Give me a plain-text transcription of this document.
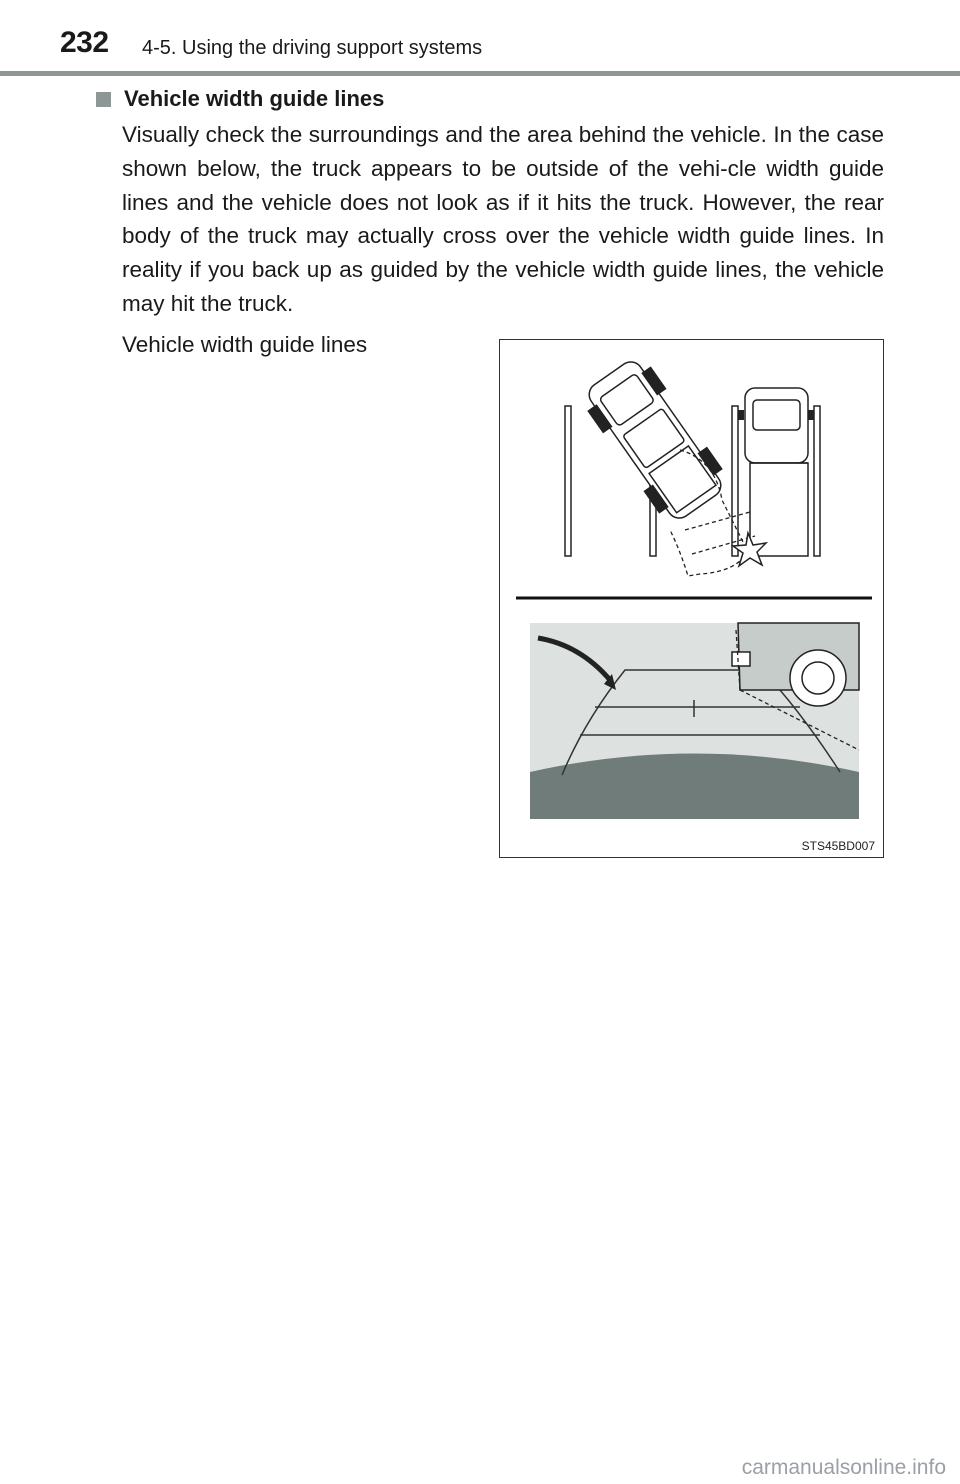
232 4-5. Using the driving support systems
Vehicle width guide lines
Visually check the surroundings and the area behind the vehicle. In the case shown below, the truck appears to be outside of the vehi-cle width guide lines and the vehicle does not look as if it hits the truck. However, the rear body of the truck may actually cross over the vehicle width guide lines. In reality if you back up as guided by the vehicle width guide lines, the vehicle may hit the truck.
Vehicle width guide lines
STS45BD007
carmanualsonline.info
